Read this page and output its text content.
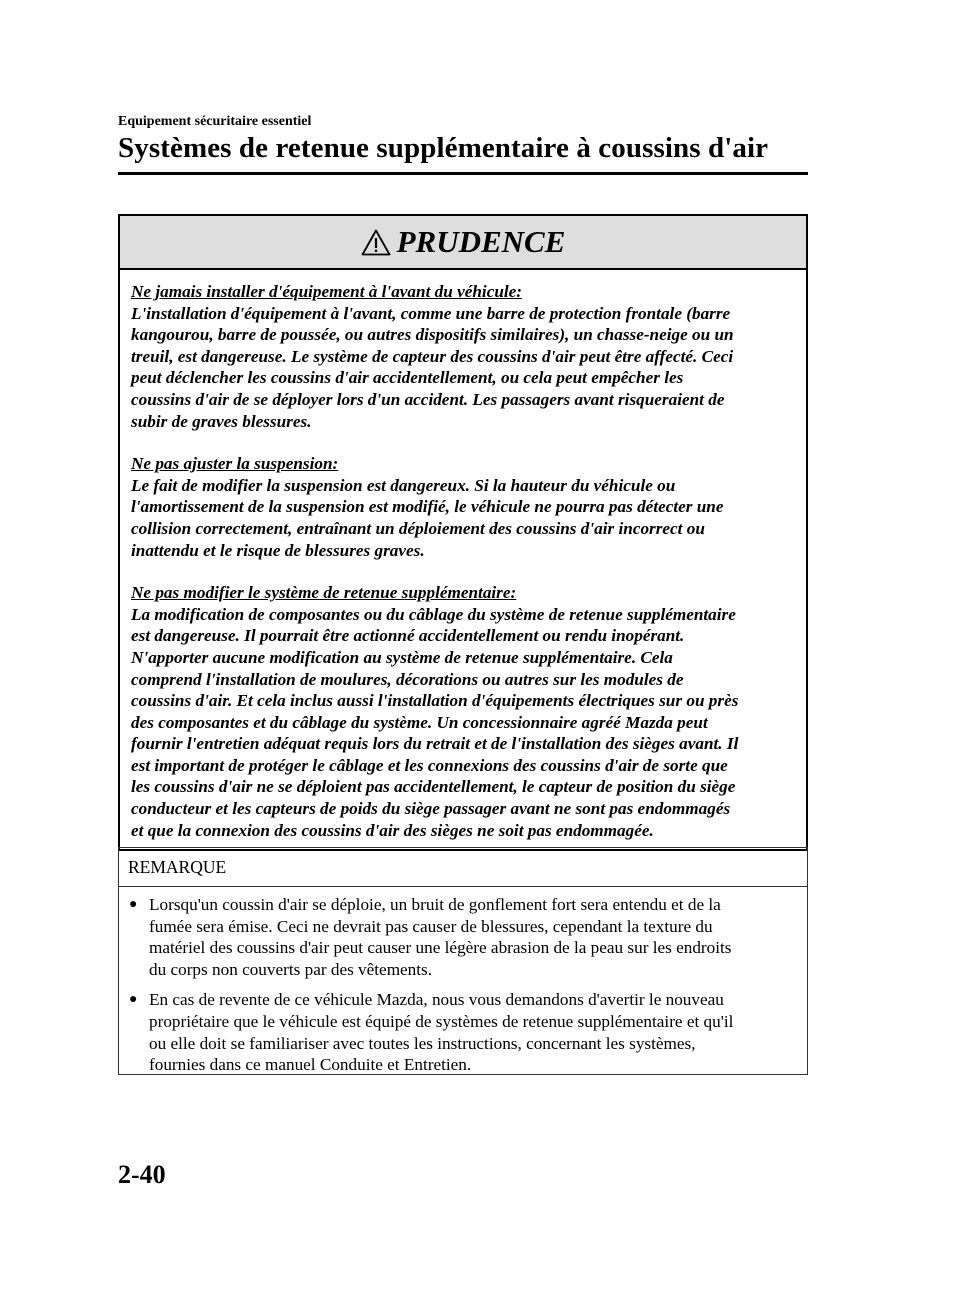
Equipement sécuritaire essentiel
Systèmes de retenue supplémentaire à coussins d'air
PRUDENCE
Ne jamais installer d'équipement à l'avant du véhicule:
L'installation d'équipement à l'avant, comme une barre de protection frontale (barre
kangourou, barre de poussée, ou autres dispositifs similaires), un chasse-neige ou un
treuil, est dangereuse. Le système de capteur des coussins d'air peut être affecté. Ceci
peut déclencher les coussins d'air accidentellement, ou cela peut empêcher les
coussins d'air de se déployer lors d'un accident. Les passagers avant risqueraient de
subir de graves blessures.
Ne pas ajuster la suspension:
Le fait de modifier la suspension est dangereux. Si la hauteur du véhicule ou
l'amortissement de la suspension est modifié, le véhicule ne pourra pas détecter une
collision correctement, entraînant un déploiement des coussins d'air incorrect ou
inattendu et le risque de blessures graves.
Ne pas modifier le système de retenue supplémentaire:
La modification de composantes ou du câblage du système de retenue supplémentaire
est dangereuse. Il pourrait être actionné accidentellement ou rendu inopérant.
N'apporter aucune modification au système de retenue supplémentaire. Cela
comprend l'installation de moulures, décorations ou autres sur les modules de
coussins d'air. Et cela inclus aussi l'installation d'équipements électriques sur ou près
des composantes et du câblage du système. Un concessionnaire agréé Mazda peut
fournir l'entretien adéquat requis lors du retrait et de l'installation des sièges avant. Il
est important de protéger le câblage et les connexions des coussins d'air de sorte que
les coussins d'air ne se déploient pas accidentellement, le capteur de position du siège
conducteur et les capteurs de poids du siège passager avant ne sont pas endommagés
et que la connexion des coussins d'air des sièges ne soit pas endommagée.
REMARQUE
● Lorsqu'un coussin d'air se déploie, un bruit de gonflement fort sera entendu et de la
fumée sera émise. Ceci ne devrait pas causer de blessures, cependant la texture du
matériel des coussins d'air peut causer une légère abrasion de la peau sur les endroits
du corps non couverts par des vêtements.
● En cas de revente de ce véhicule Mazda, nous vous demandons d'avertir le nouveau
propriétaire que le véhicule est équipé de systèmes de retenue supplémentaire et qu'il
ou elle doit se familiariser avec toutes les instructions, concernant les systèmes,
fournies dans ce manuel Conduite et Entretien.
2-40
